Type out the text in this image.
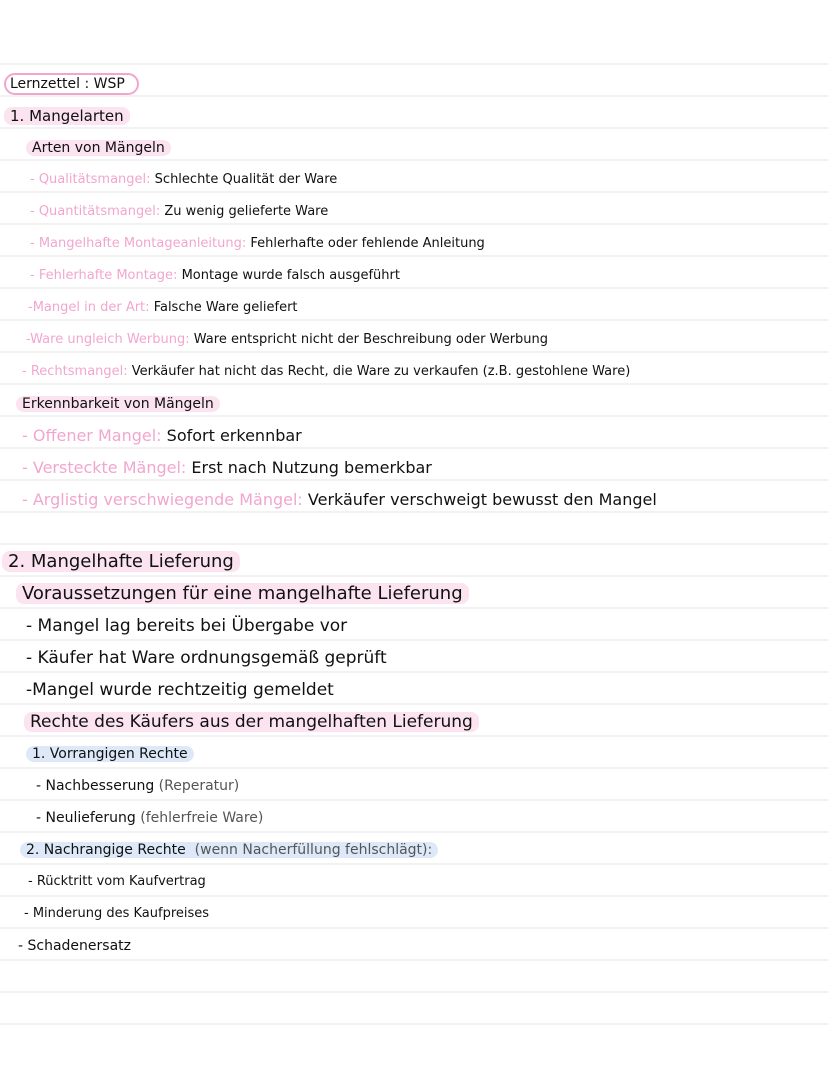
Lernzettel : WSP
1. Mangelarten
Arten von Mängeln
- Qualitätsmangel: Schlechte Qualität der Ware
- Quantitätsmangel: Zu wenig gelieferte Ware
- Mangelhafte Montageanleitung: Fehlerhafte oder fehlende Anleitung
- Fehlerhafte Montage: Montage wurde falsch ausgeführt
-Mangel in der Art: Falsche Ware geliefert
-Ware ungleich Werbung: Ware entspricht nicht der Beschreibung oder Werbung
- Rechtsmangel: Verkäufer hat nicht das Recht, die Ware zu verkaufen (z.B. gestohlene Ware)
Erkennbarkeit von Mängeln
- Offener Mangel: Sofort erkennbar
- Versteckte Mängel: Erst nach Nutzung bemerkbar
- Arglistig verschwiegende Mängel: Verkäufer verschweigt bewusst den Mangel
2. Mangelhafte Lieferung
Voraussetzungen für eine mangelhafte Lieferung
- Mangel lag bereits bei Übergabe vor
- Käufer hat Ware ordnungsgemäß geprüft
-Mangel wurde rechtzeitig gemeldet
Rechte des Käufers aus der mangelhaften Lieferung
1. Vorrangigen Rechte
- Nachbesserung (Reperatur)
- Neulieferung (fehlerfreie Ware)
2. Nachrangige Rechte (wenn Nacherfüllung fehlschlägt):
- Rücktritt vom Kaufvertrag
- Minderung des Kaufpreises
- Schadenersatz
